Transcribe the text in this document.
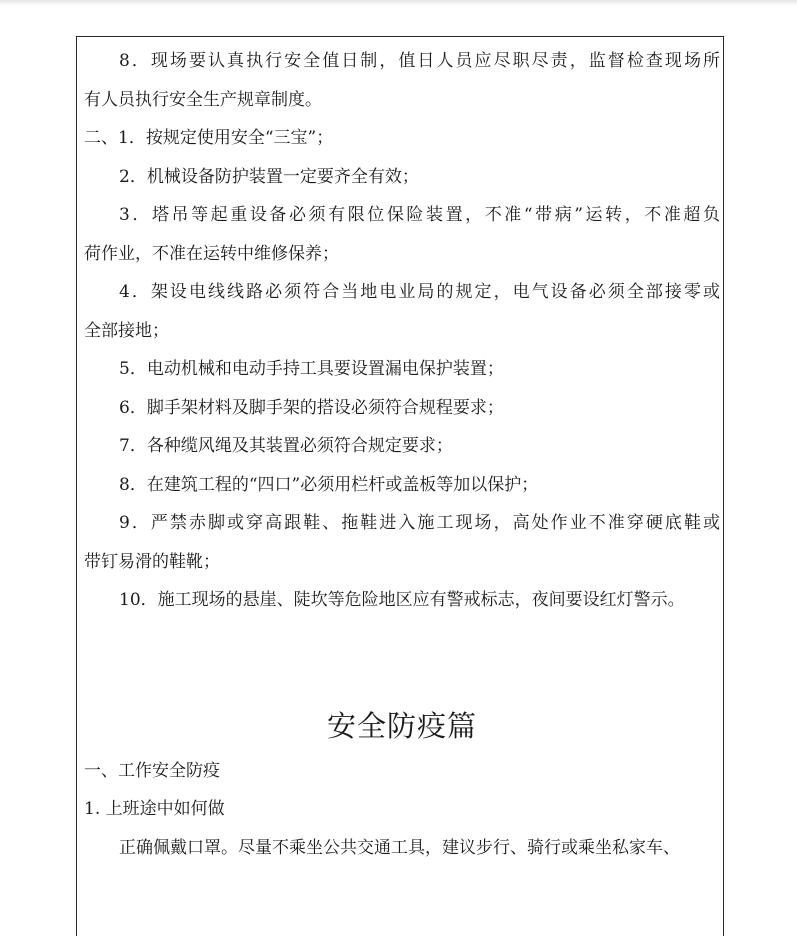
8．现场要认真执行安全值日制，值日人员应尽职尽责，监督检查现场所
有人员执行安全生产规章制度。
二、1．按规定使用安全“三宝”；
2．机械设备防护装置一定要齐全有效；
3．塔吊等起重设备必须有限位保险装置，不准“带病”运转，不准超负
荷作业，不准在运转中维修保养；
4．架设电线线路必须符合当地电业局的规定，电气设备必须全部接零或
全部接地；
5．电动机械和电动手持工具要设置漏电保护装置；
6．脚手架材料及脚手架的搭设必须符合规程要求；
7．各种缆风绳及其装置必须符合规定要求；
8．在建筑工程的“四口”必须用栏杆或盖板等加以保护；
9．严禁赤脚或穿高跟鞋、拖鞋进入施工现场，高处作业不准穿硬底鞋或
带钉易滑的鞋靴；
10．施工现场的悬崖、陡坎等危险地区应有警戒标志，夜间要设红灯警示。
安全防疫篇
一、工作安全防疫
1. 上班途中如何做
正确佩戴口罩。尽量不乘坐公共交通工具，建议步行、骑行或乘坐私家车、
